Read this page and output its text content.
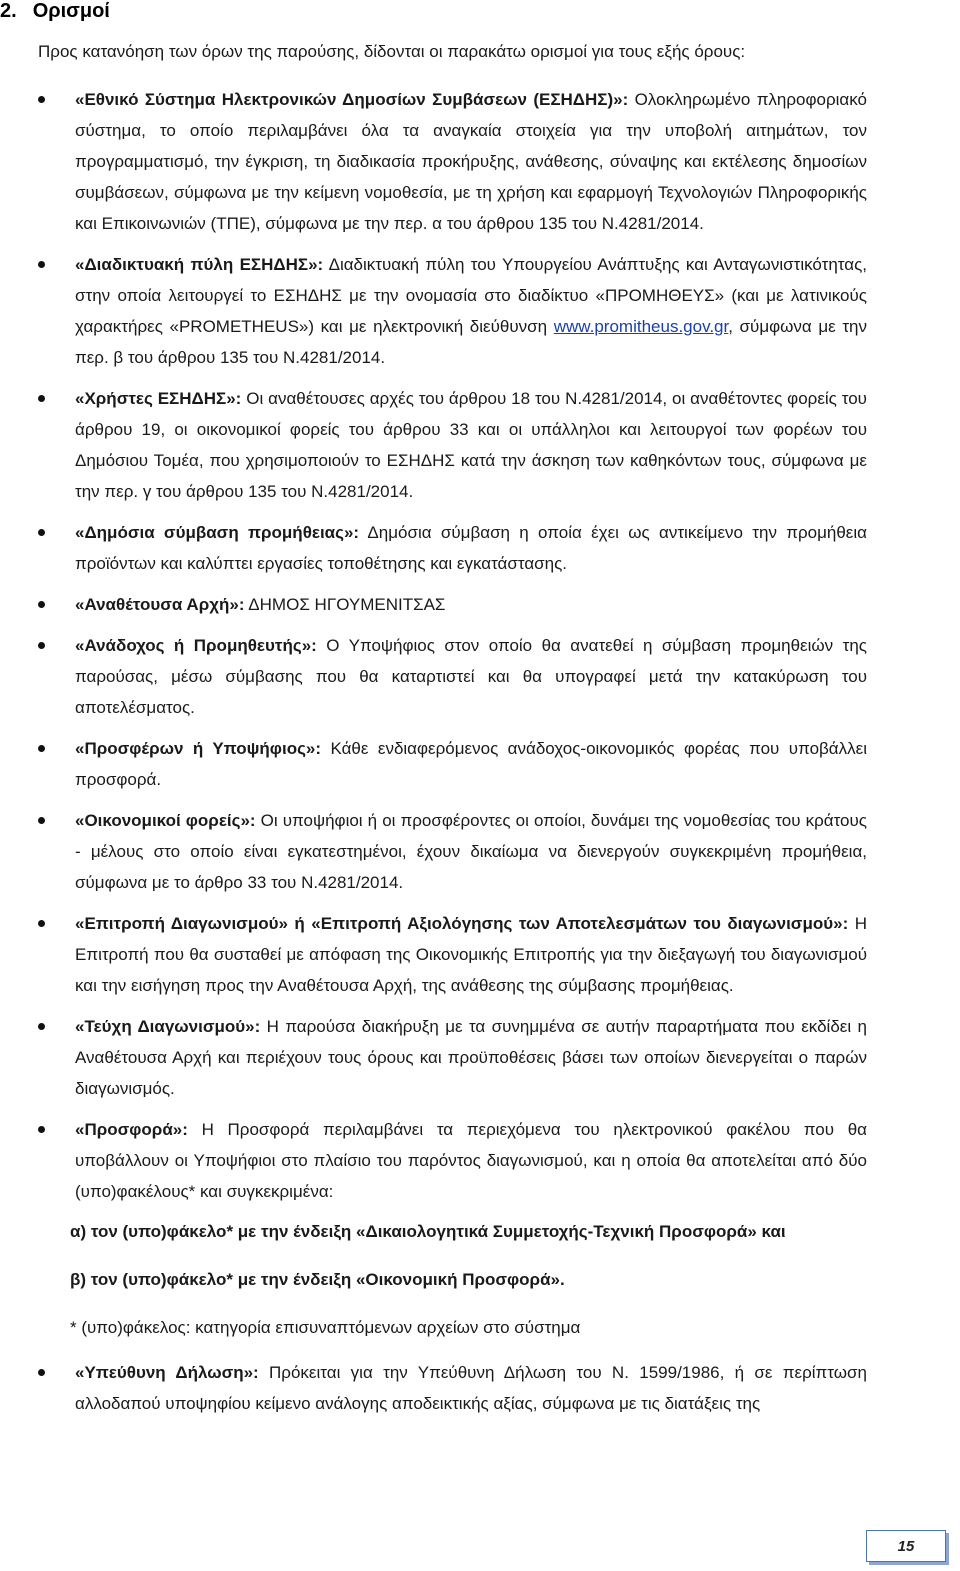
2. Ορισμοί

Προς κατανόηση των όρων της παρούσης, δίδονται οι παρακάτω ορισμοί για τους εξής όρους:

«Εθνικό Σύστημα Ηλεκτρονικών Δημοσίων Συμβάσεων (ΕΣΗΔΗΣ)»: Ολοκληρωμένο πληροφοριακό σύστημα, το οποίο περιλαμβάνει όλα τα αναγκαία στοιχεία για την υποβολή αιτημάτων, τον προγραμματισμό, την έγκριση, τη διαδικασία προκήρυξης, ανάθεσης, σύναψης και εκτέλεσης δημοσίων συμβάσεων, σύμφωνα με την κείμενη νομοθεσία, με τη χρήση και εφαρμογή Τεχνολογιών Πληροφορικής και Επικοινωνιών (ΤΠΕ), σύμφωνα με την περ. α του άρθρου 135 του Ν.4281/2014.
«Διαδικτυακή πύλη ΕΣΗΔΗΣ»: Διαδικτυακή πύλη του Υπουργείου Ανάπτυξης και Ανταγωνιστικότητας, στην οποία λειτουργεί το ΕΣΗΔΗΣ με την ονομασία στο διαδίκτυο «ΠΡΟΜΗΘΕΥΣ» (και με λατινικούς χαρακτήρες «PROMETHEUS») και με ηλεκτρονική διεύθυνση www.promitheus.gov.gr, σύμφωνα με την περ. β του άρθρου 135 του Ν.4281/2014.
«Χρήστες ΕΣΗΔΗΣ»: Οι αναθέτουσες αρχές του άρθρου 18 του Ν.4281/2014, οι αναθέτοντες φορείς του άρθρου 19, οι οικονομικοί φορείς του άρθρου 33 και οι υπάλληλοι και λειτουργοί των φορέων του Δημόσιου Τομέα, που χρησιμοποιούν το ΕΣΗΔΗΣ κατά την άσκηση των καθηκόντων τους, σύμφωνα με την περ. γ του άρθρου 135 του Ν.4281/2014.
«Δημόσια σύμβαση προμήθειας»: Δημόσια σύμβαση η οποία έχει ως αντικείμενο την προμήθεια προϊόντων και καλύπτει εργασίες τοποθέτησης και εγκατάστασης.
«Αναθέτουσα Αρχή»: ΔΗΜΟΣ ΗΓΟΥΜΕΝΙΤΣΑΣ
«Ανάδοχος ή Προμηθευτής»: Ο Υποψήφιος στον οποίο θα ανατεθεί η σύμβαση προμηθειών της παρούσας, μέσω σύμβασης που θα καταρτιστεί και θα υπογραφεί μετά την κατακύρωση του αποτελέσματος.
«Προσφέρων ή Υποψήφιος»: Κάθε ενδιαφερόμενος ανάδοχος-οικονομικός φορέας που υποβάλλει προσφορά.
«Οικονομικοί φορείς»: Οι υποψήφιοι ή οι προσφέροντες οι οποίοι, δυνάμει της νομοθεσίας του κράτους - μέλους στο οποίο είναι εγκατεστημένοι, έχουν δικαίωμα να διενεργούν συγκεκριμένη προμήθεια, σύμφωνα με το άρθρο 33 του Ν.4281/2014.
«Επιτροπή Διαγωνισμού» ή «Επιτροπή Αξιολόγησης των Αποτελεσμάτων του διαγωνισμού»: Η Επιτροπή που θα συσταθεί με απόφαση της Οικονομικής Επιτροπής για την διεξαγωγή του διαγωνισμού και την εισήγηση προς την Αναθέτουσα Αρχή, της ανάθεσης της σύμβασης προμήθειας.
«Τεύχη Διαγωνισμού»: Η παρούσα διακήρυξη με τα συνημμένα σε αυτήν παραρτήματα που εκδίδει η Αναθέτουσα Αρχή και περιέχουν τους όρους και προϋποθέσεις βάσει των οποίων διενεργείται ο παρών διαγωνισμός.
«Προσφορά»: Η Προσφορά περιλαμβάνει τα περιεχόμενα του ηλεκτρονικού φακέλου που θα υποβάλλουν οι Υποψήφιοι στο πλαίσιο του παρόντος διαγωνισμού, και η οποία θα αποτελείται από δύο (υπο)φακέλους* και συγκεκριμένα:
α) τον (υπο)φάκελο* με την ένδειξη «Δικαιολογητικά Συμμετοχής-Τεχνική Προσφορά» και
β) τον (υπο)φάκελο* με την ένδειξη «Οικονομική Προσφορά».
* (υπο)φάκελος: κατηγορία επισυναπτόμενων αρχείων στο σύστημα
«Υπεύθυνη Δήλωση»: Πρόκειται για την Υπεύθυνη Δήλωση του Ν. 1599/1986, ή σε περίπτωση αλλοδαπού υποψηφίου κείμενο ανάλογης αποδεικτικής αξίας, σύμφωνα με τις διατάξεις της
15
